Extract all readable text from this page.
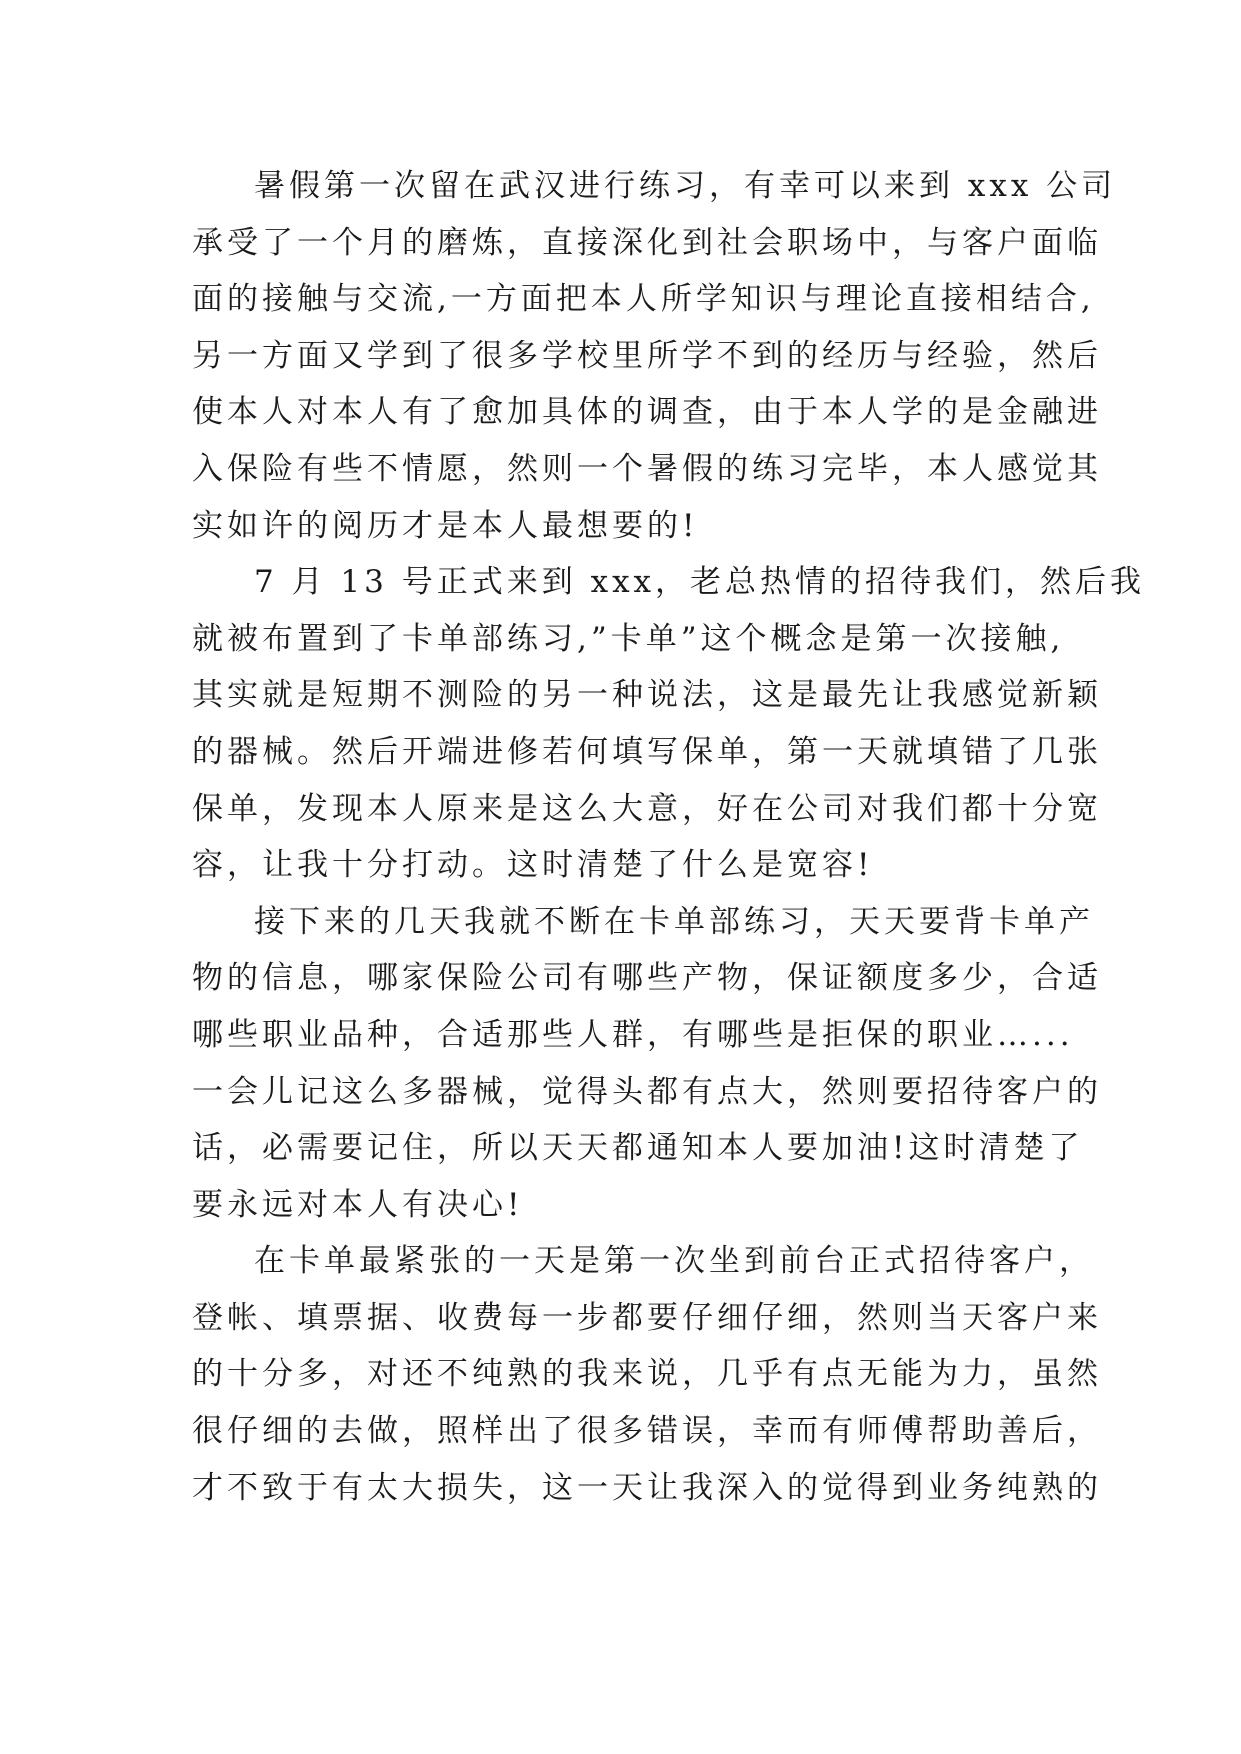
暑假第一次留在武汉进行练习，有幸可以来到 xxx 公司
承受了一个月的磨炼，直接深化到社会职场中，与客户面临
面的接触与交流,一方面把本人所学知识与理论直接相结合,
另一方面又学到了很多学校里所学不到的经历与经验，然后
使本人对本人有了愈加具体的调查，由于本人学的是金融进
入保险有些不情愿，然则一个暑假的练习完毕，本人感觉其
实如许的阅历才是本人最想要的!
7 月 13 号正式来到 xxx，老总热情的招待我们，然后我
就被布置到了卡单部练习,”卡单”这个概念是第一次接触,
其实就是短期不测险的另一种说法，这是最先让我感觉新颖
的器械。然后开端进修若何填写保单，第一天就填错了几张
保单，发现本人原来是这么大意，好在公司对我们都十分宽
容，让我十分打动。这时清楚了什么是宽容!
接下来的几天我就不断在卡单部练习，天天要背卡单产
物的信息，哪家保险公司有哪些产物，保证额度多少，合适
哪些职业品种，合适那些人群，有哪些是拒保的职业…...
一会儿记这么多器械，觉得头都有点大，然则要招待客户的
话，必需要记住，所以天天都通知本人要加油!这时清楚了
要永远对本人有决心!
在卡单最紧张的一天是第一次坐到前台正式招待客户，
登帐、填票据、收费每一步都要仔细仔细，然则当天客户来
的十分多，对还不纯熟的我来说，几乎有点无能为力，虽然
很仔细的去做，照样出了很多错误，幸而有师傅帮助善后，
才不致于有太大损失，这一天让我深入的觉得到业务纯熟的
